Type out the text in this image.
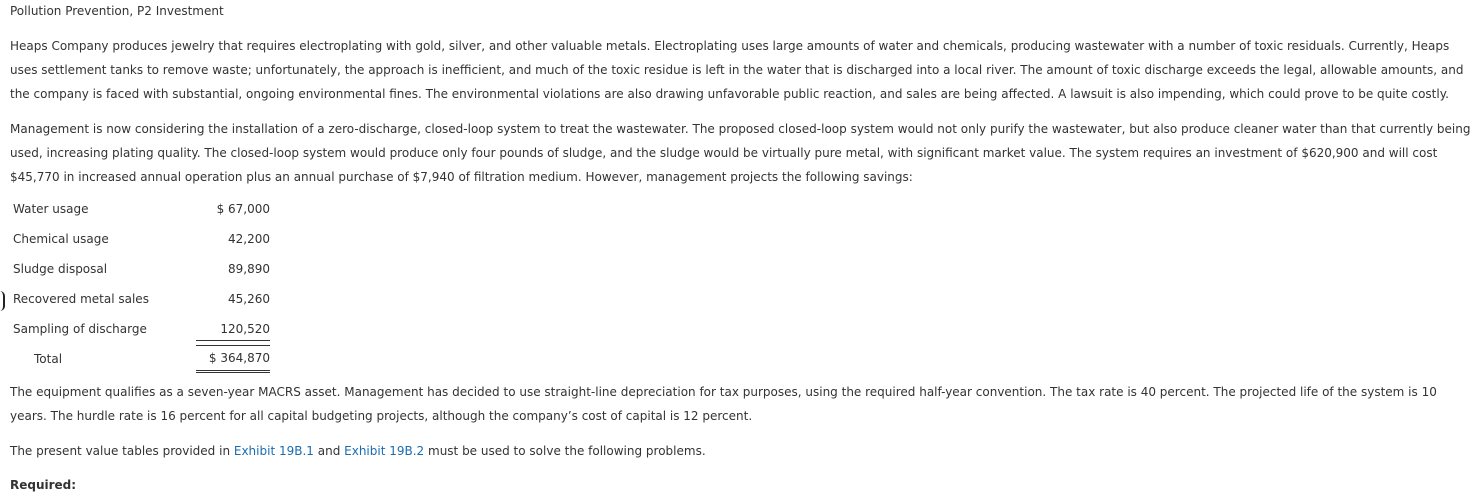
Pollution Prevention, P2 Investment

Heaps Company produces jewelry that requires electroplating with gold, silver, and other valuable metals. Electroplating uses large amounts of water and chemicals, producing wastewater with a number of toxic residuals. Currently, Heaps uses settlement tanks to remove waste; unfortunately, the approach is inefficient, and much of the toxic residue is left in the water that is discharged into a local river. The amount of toxic discharge exceeds the legal, allowable amounts, and the company is faced with substantial, ongoing environmental fines. The environmental violations are also drawing unfavorable public reaction, and sales are being affected. A lawsuit is also impending, which could prove to be quite costly.

Management is now considering the installation of a zero-discharge, closed-loop system to treat the wastewater. The proposed closed-loop system would not only purify the wastewater, but also produce cleaner water than that currently being used, increasing plating quality. The closed-loop system would produce only four pounds of sludge, and the sludge would be virtually pure metal, with significant market value. The system requires an investment of $620,900 and will cost $45,770 in increased annual operation plus an annual purchase of $7,940 of filtration medium. However, management projects the following savings:

Water usage	$ 67,000
Chemical usage	42,200
Sludge disposal	89,890
Recovered metal sales	45,260
Sampling of discharge	120,520
Total	$ 364,870

The equipment qualifies as a seven-year MACRS asset. Management has decided to use straight-line depreciation for tax purposes, using the required half-year convention. The tax rate is 40 percent. The projected life of the system is 10 years. The hurdle rate is 16 percent for all capital budgeting projects, although the company’s cost of capital is 12 percent.

The present value tables provided in Exhibit 19B.1 and Exhibit 19B.2 must be used to solve the following problems.

Required:
